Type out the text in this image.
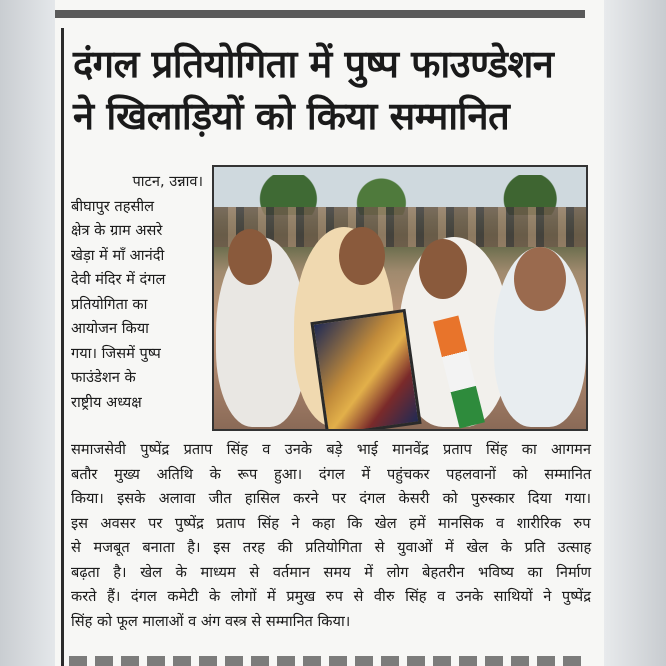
दंगल प्रतियोगिता में पुष्प फाउण्डेशन
ने खिलाड़ियों को किया सम्मानित
पाटन, उन्नाव।
बीघापुर तहसील
क्षेत्र के ग्राम असरे
खेड़ा में माँ आनंदी
देवी मंदिर में दंगल
प्रतियोगिता का
आयोजन किया
गया। जिसमें पुष्प
फाउंडेशन के
राष्ट्रीय अध्यक्ष
समाजसेवी पुष्पेंद्र प्रताप सिंह व उनके बड़े भाई मानवेंद्र प्रताप सिंह का आगमन
बतौर मुख्य अतिथि के रूप हुआ। दंगल में पहुंचकर पहलवानों को सम्मानित
किया। इसके अलावा जीत हासिल करने पर दंगल केसरी को पुरुस्कार दिया गया।
इस अवसर पर पुष्पेंद्र प्रताप सिंह ने कहा कि खेल हमें मानसिक व शारीरिक रुप
से मजबूत बनाता है। इस तरह की प्रतियोगिता से युवाओं में खेल के प्रति उत्साह
बढ़ता है। खेल के माध्यम से वर्तमान समय में लोग बेहतरीन भविष्य का निर्माण
करते हैं। दंगल कमेटी के लोगों में प्रमुख रुप से वीरु सिंह व उनके साथियों ने पुष्पेंद्र
सिंह को फूल मालाओं व अंग वस्त्र से सम्मानित किया।
